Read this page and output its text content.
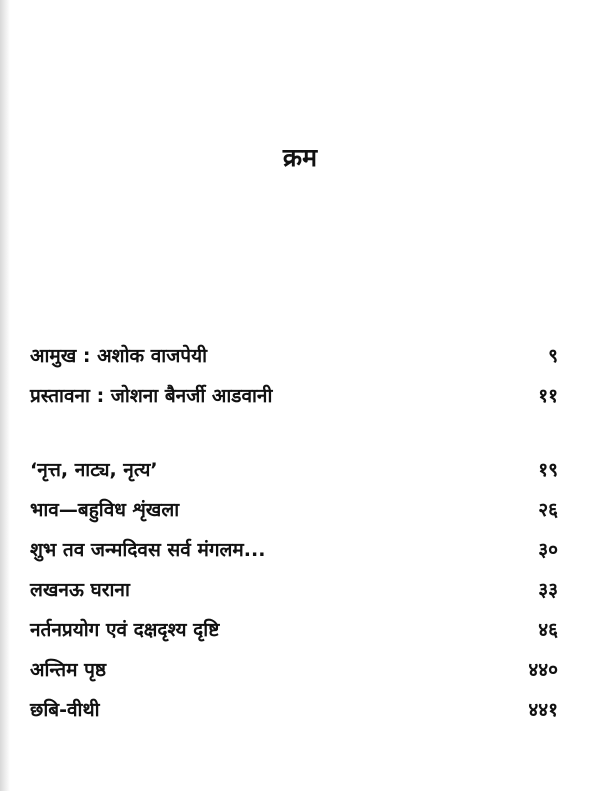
क्रम
आमुख : अशोक वाजपेयी	९
प्रस्तावना : जोशना बैनर्जी आडवानी	११
‘नृत्त, नाट्य, नृत्य’	१९
भाव—बहुविध शृंखला	२६
शुभ तव जन्मदिवस सर्व मंगलम...	३०
लखनऊ घराना	३३
नर्तनप्रयोग एवं दक्षदृश्य दृष्टि	४६
अन्तिम पृष्ठ	४४०
छबि-वीथी	४४१
